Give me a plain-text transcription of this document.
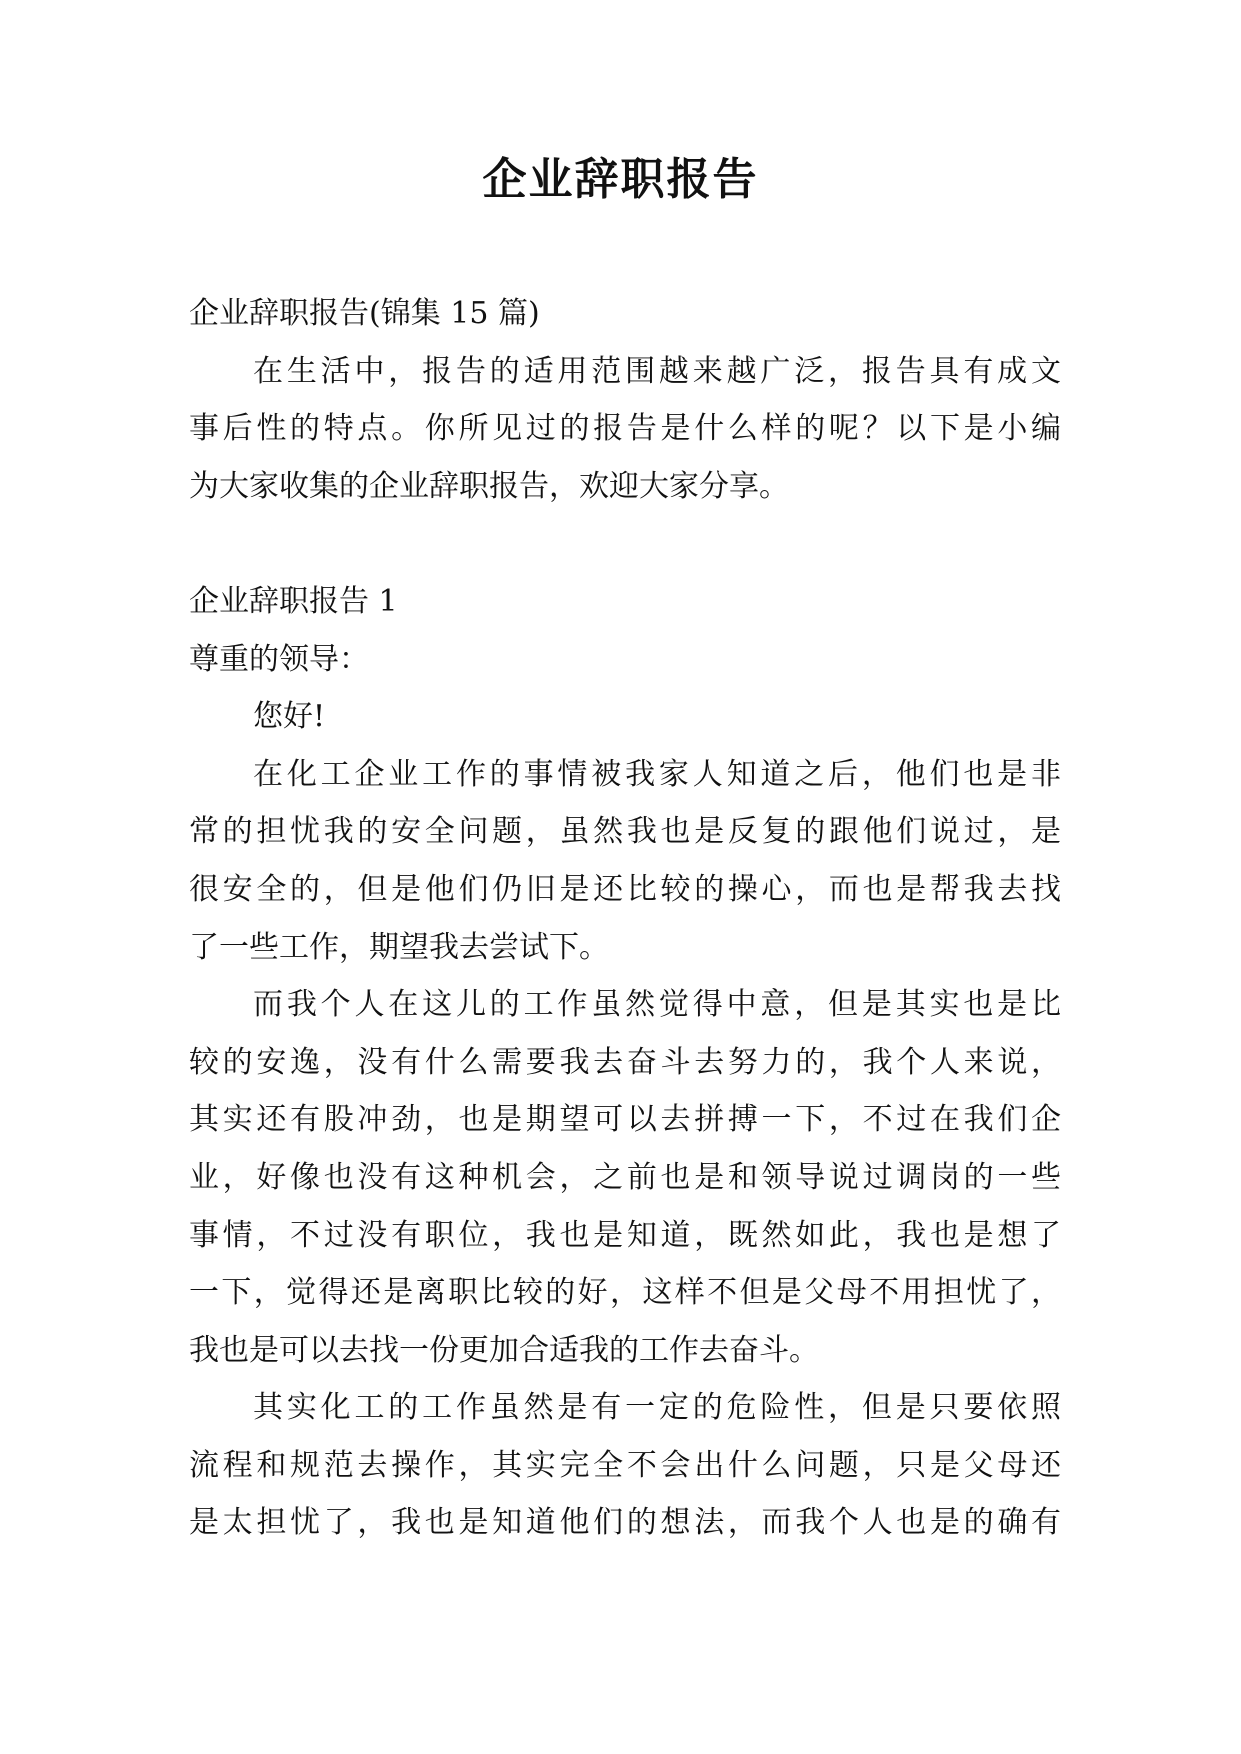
企业辞职报告

企业辞职报告(锦集 15 篇)

在生活中，报告的适用范围越来越广泛，报告具有成文

事后性的特点。你所见过的报告是什么样的呢？以下是小编

为大家收集的企业辞职报告，欢迎大家分享。

企业辞职报告 1

尊重的领导：

您好!

在化工企业工作的事情被我家人知道之后，他们也是非

常的担忧我的安全问题，虽然我也是反复的跟他们说过，是

很安全的，但是他们仍旧是还比较的操心，而也是帮我去找

了一些工作，期望我去尝试下。

而我个人在这儿的工作虽然觉得中意，但是其实也是比

较的安逸，没有什么需要我去奋斗去努力的，我个人来说，

其实还有股冲劲，也是期望可以去拼搏一下，不过在我们企

业，好像也没有这种机会，之前也是和领导说过调岗的一些

事情，不过没有职位，我也是知道，既然如此，我也是想了

一下，觉得还是离职比较的好，这样不但是父母不用担忧了，

我也是可以去找一份更加合适我的工作去奋斗。

其实化工的工作虽然是有一定的危险性，但是只要依照

流程和规范去操作，其实完全不会出什么问题，只是父母还

是太担忧了，我也是知道他们的想法，而我个人也是的确有
